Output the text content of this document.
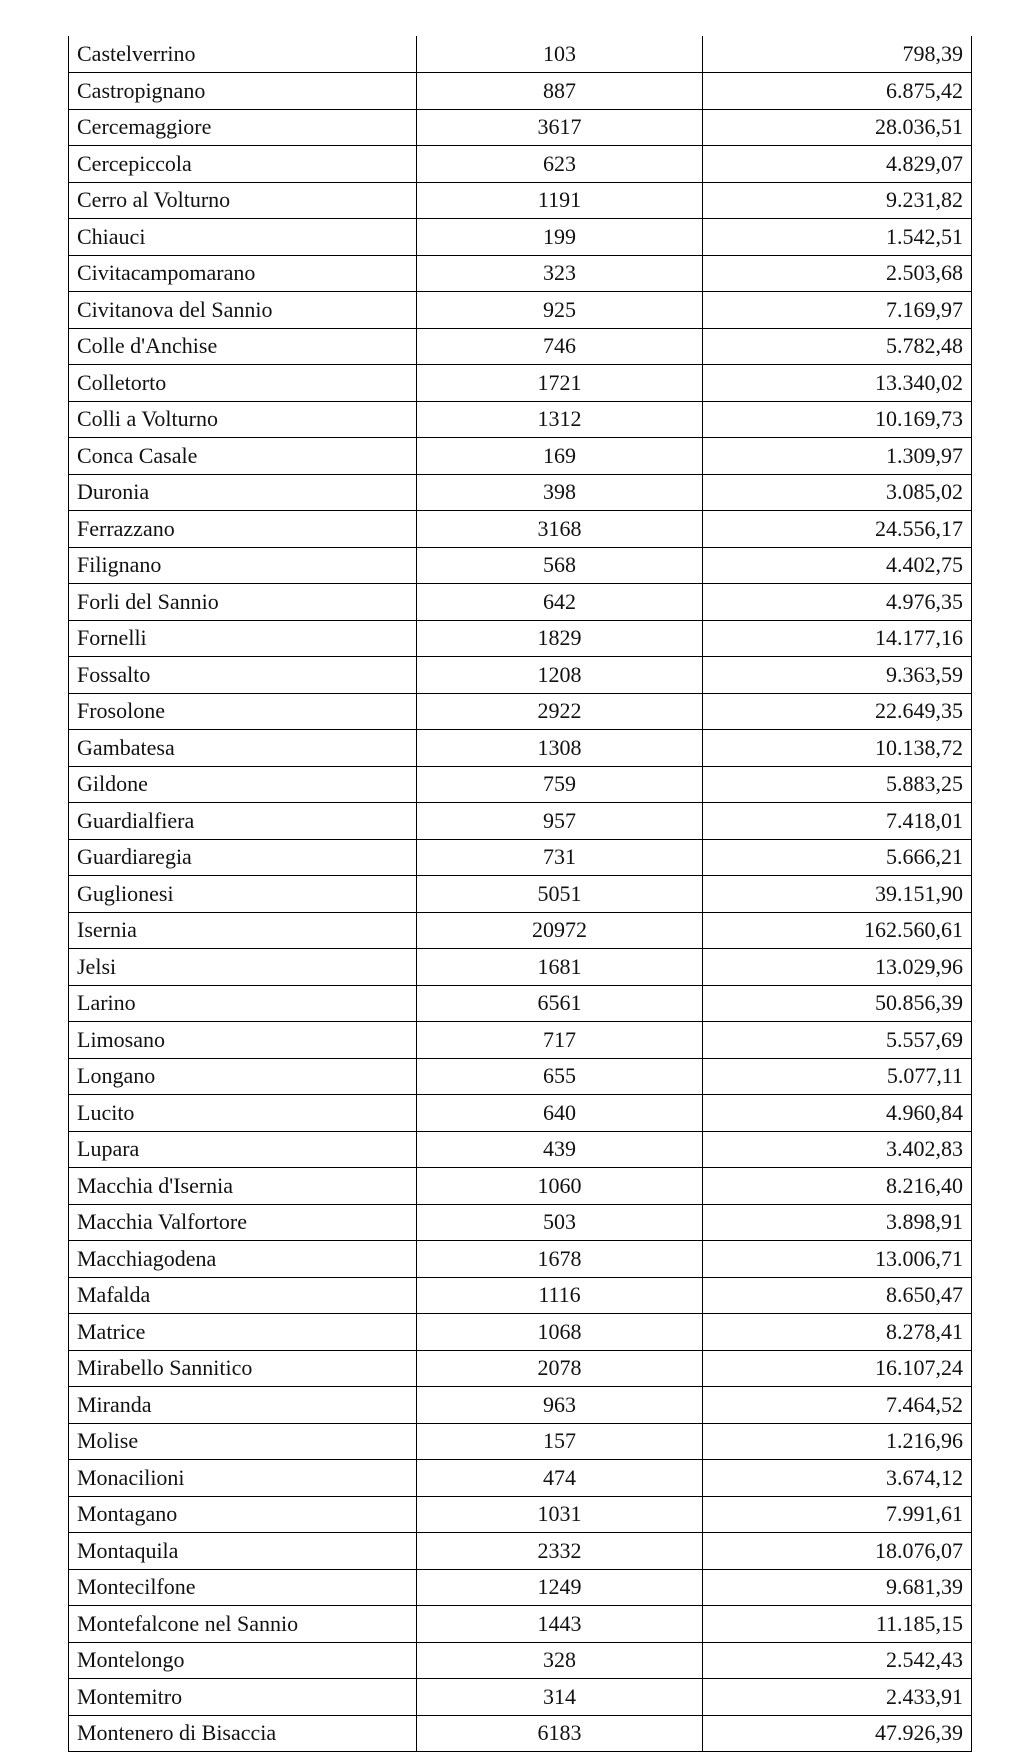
Castelverrino	103	798,39
Castropignano	887	6.875,42
Cercemaggiore	3617	28.036,51
Cercepiccola	623	4.829,07
Cerro al Volturno	1191	9.231,82
Chiauci	199	1.542,51
Civitacampomarano	323	2.503,68
Civitanova del Sannio	925	7.169,97
Colle d'Anchise	746	5.782,48
Colletorto	1721	13.340,02
Colli a Volturno	1312	10.169,73
Conca Casale	169	1.309,97
Duronia	398	3.085,02
Ferrazzano	3168	24.556,17
Filignano	568	4.402,75
Forli del Sannio	642	4.976,35
Fornelli	1829	14.177,16
Fossalto	1208	9.363,59
Frosolone	2922	22.649,35
Gambatesa	1308	10.138,72
Gildone	759	5.883,25
Guardialfiera	957	7.418,01
Guardiaregia	731	5.666,21
Guglionesi	5051	39.151,90
Isernia	20972	162.560,61
Jelsi	1681	13.029,96
Larino	6561	50.856,39
Limosano	717	5.557,69
Longano	655	5.077,11
Lucito	640	4.960,84
Lupara	439	3.402,83
Macchia d'Isernia	1060	8.216,40
Macchia Valfortore	503	3.898,91
Macchiagodena	1678	13.006,71
Mafalda	1116	8.650,47
Matrice	1068	8.278,41
Mirabello Sannitico	2078	16.107,24
Miranda	963	7.464,52
Molise	157	1.216,96
Monacilioni	474	3.674,12
Montagano	1031	7.991,61
Montaquila	2332	18.076,07
Montecilfone	1249	9.681,39
Montefalcone nel Sannio	1443	11.185,15
Montelongo	328	2.542,43
Montemitro	314	2.433,91
Montenero di Bisaccia	6183	47.926,39
